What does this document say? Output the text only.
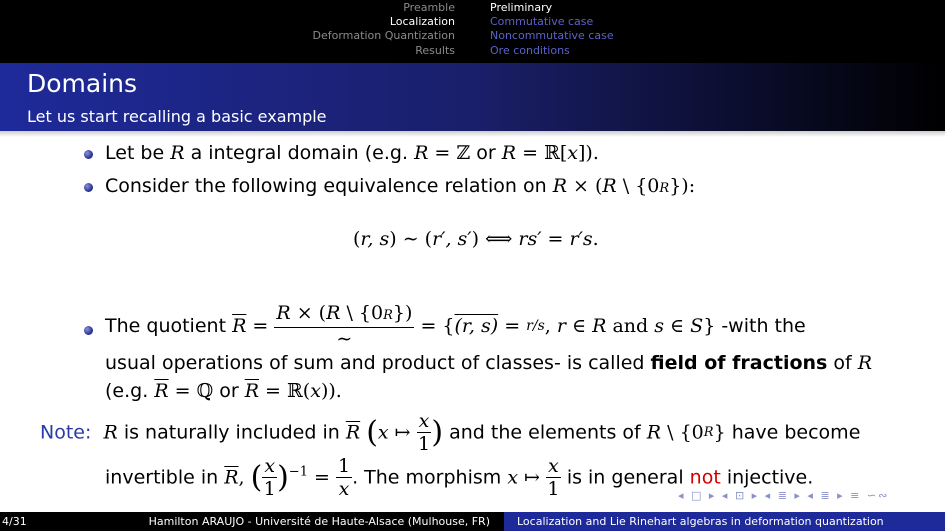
Preamble
Localization
Deformation Quantization
Results
Preliminary
Commutative case
Noncommutative case
Ore conditions
Domains
Let us start recalling a basic example
Let be R a integral domain (e.g. R = ℤ or R = ℝ[x]).
Consider the following equivalence relation on R × (R \ {0R}):
(r, s) ∼ (r′, s′) ⟺ rs′ = r′s.
The quotient $\overline{R} = \frac{R \times (R \backslash \{0R\})}{\sim} = \{(r$, s) = r/s, r ∈ R and s ∈ S} -with the
usual operations of sum and product of classes- is called field of fractions of R
(e.g. $\overline{R}$ = ℚ or $\overline{R}$ = ℝ(x)).
Note:  R is naturally included in $\overline{R}$ (x ↦ $\frac{x}{1}$ ) and the elements of R \ {0R} have become
invertible in $\overline{R}$, ( $\frac{x}{1} )^{-1} = \frac{1}{x}$ . The morphism x ↦ $\frac{x}{1}$ is in general not injective.
◂ □ ▸ ◂ ⊡ ▸ ◂ ≣ ▸ ◂ ≣ ▸ ≡ ∽∾
4/31	Hamilton ARAUJO - Université de Haute-Alsace (Mulhouse, FR)	Localization and Lie Rinehart algebras in deformation quantization
